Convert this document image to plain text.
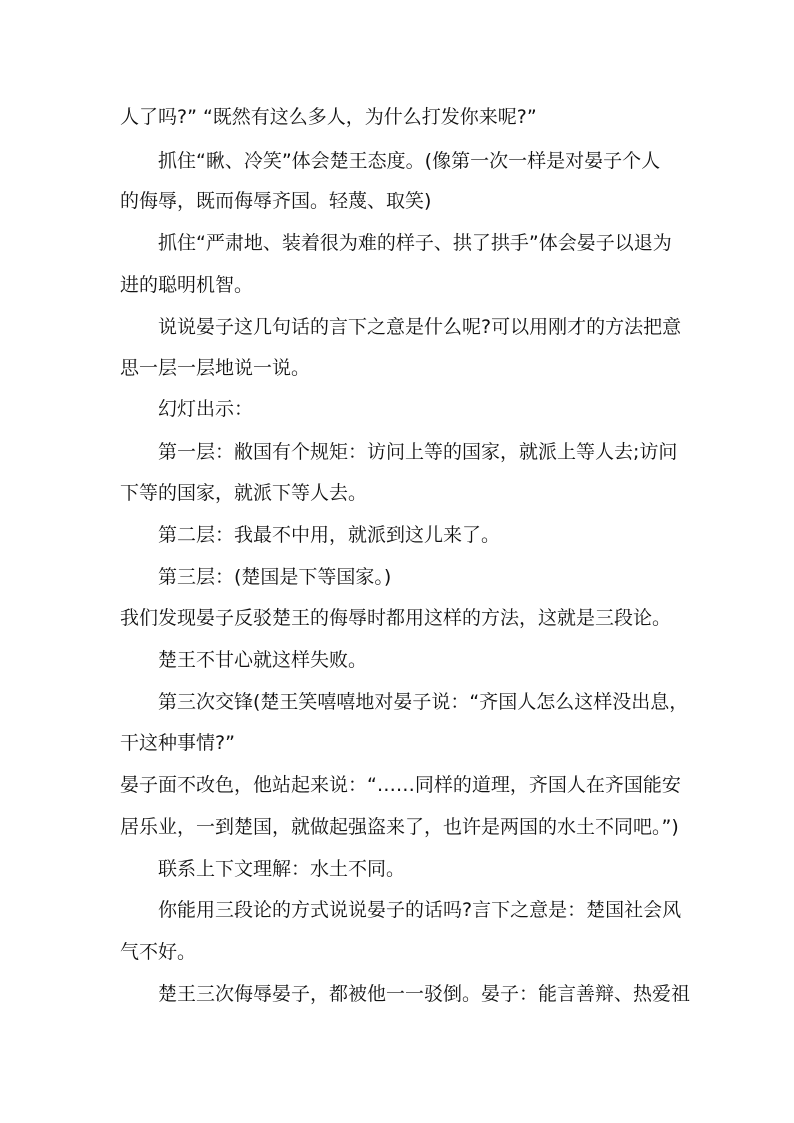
人了吗?” “既然有这么多人，为什么打发你来呢?”
抓住“瞅、冷笑”体会楚王态度。(像第一次一样是对晏子个人
的侮辱，既而侮辱齐国。轻蔑、取笑)
抓住“严肃地、装着很为难的样子、拱了拱手”体会晏子以退为
进的聪明机智。
说说晏子这几句话的言下之意是什么呢?可以用刚才的方法把意
思一层一层地说一说。
幻灯出示：
第一层：敝国有个规矩：访问上等的国家，就派上等人去;访问
下等的国家，就派下等人去。
第二层：我最不中用，就派到这儿来了。
第三层：(楚国是下等国家。)
我们发现晏子反驳楚王的侮辱时都用这样的方法，这就是三段论。
楚王不甘心就这样失败。
第三次交锋(楚王笑嘻嘻地对晏子说：“齐国人怎么这样没出息，
干这种事情?”
晏子面不改色，他站起来说：“……同样的道理，齐国人在齐国能安
居乐业，一到楚国，就做起强盗来了，也许是两国的水土不同吧。”)
联系上下文理解：水土不同。
你能用三段论的方式说说晏子的话吗?言下之意是：楚国社会风
气不好。
楚王三次侮辱晏子，都被他一一驳倒。晏子：能言善辩、热爱祖
